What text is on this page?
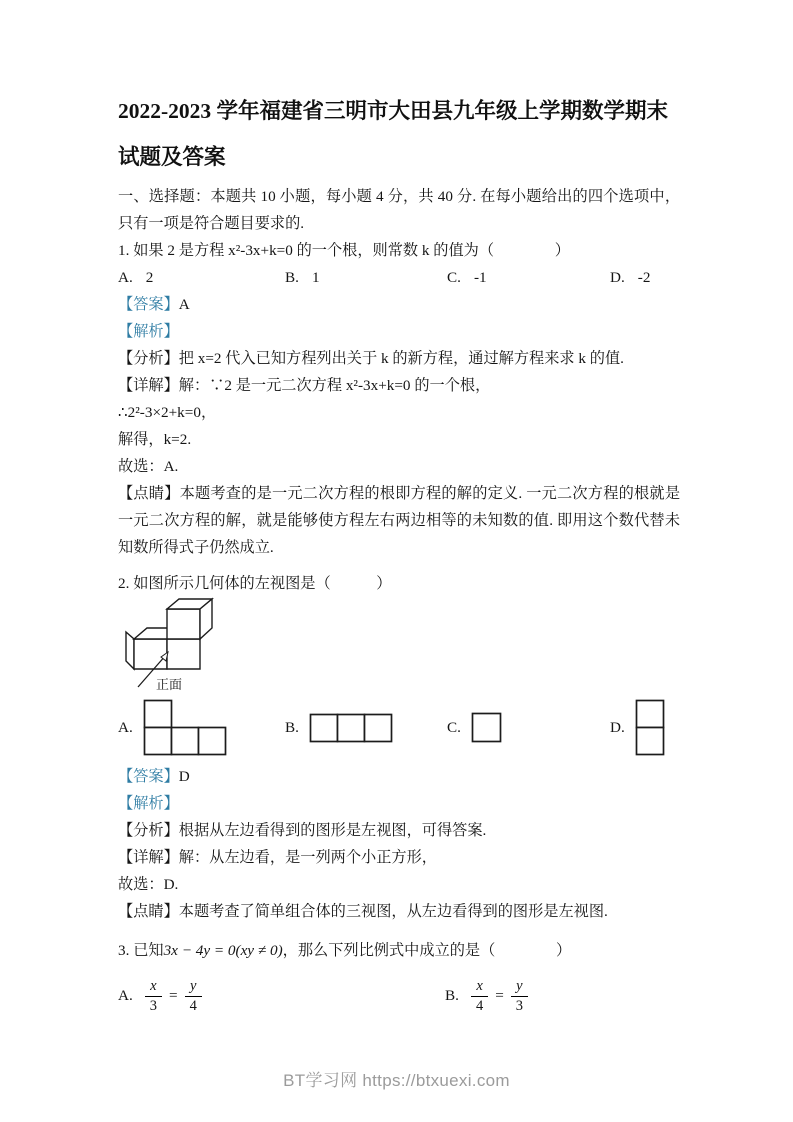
2022-2023 学年福建省三明市大田县九年级上学期数学期末
试题及答案

一、选择题：本题共 10 小题，每小题 4 分，共 40 分. 在每小题给出的四个选项中，只有一项是符合题目要求的.

1. 如果 2 是方程 x²-3x+k=0 的一个根，则常数 k 的值为（　　　　）

A. 2	B. 1	C. -1	D. -2

【答案】A

【解析】

【分析】把 x=2 代入已知方程列出关于 k 的新方程，通过解方程来求 k 的值.

【详解】解：∵2 是一元二次方程 x²-3x+k=0 的一个根，

∴2²-3×2+k=0，

解得，k=2.

故选：A.

【点睛】本题考查的是一元二次方程的根即方程的解的定义. 一元二次方程的根就是一元二次方程的解，就是能够使方程左右两边相等的未知数的值. 即用这个数代替未知数所得式子仍然成立.

2. 如图所示几何体的左视图是（　　　）

正面
A.	B.	C.	D.

【答案】D

【解析】

【分析】根据从左边看得到的图形是左视图，可得答案.

【详解】解：从左边看，是一列两个小正方形，

故选：D.

【点睛】本题考查了简单组合体的三视图，从左边看得到的图形是左视图.

3. 已知3x − 4y = 0(xy ≠ 0)，那么下列比例式中成立的是（　　　　）

A. $\frac{x}{3} = \frac{y}{4}$	B. $\frac{x}{4} = \frac{y}{3}$
BT学习网 https://btxuexi.com
